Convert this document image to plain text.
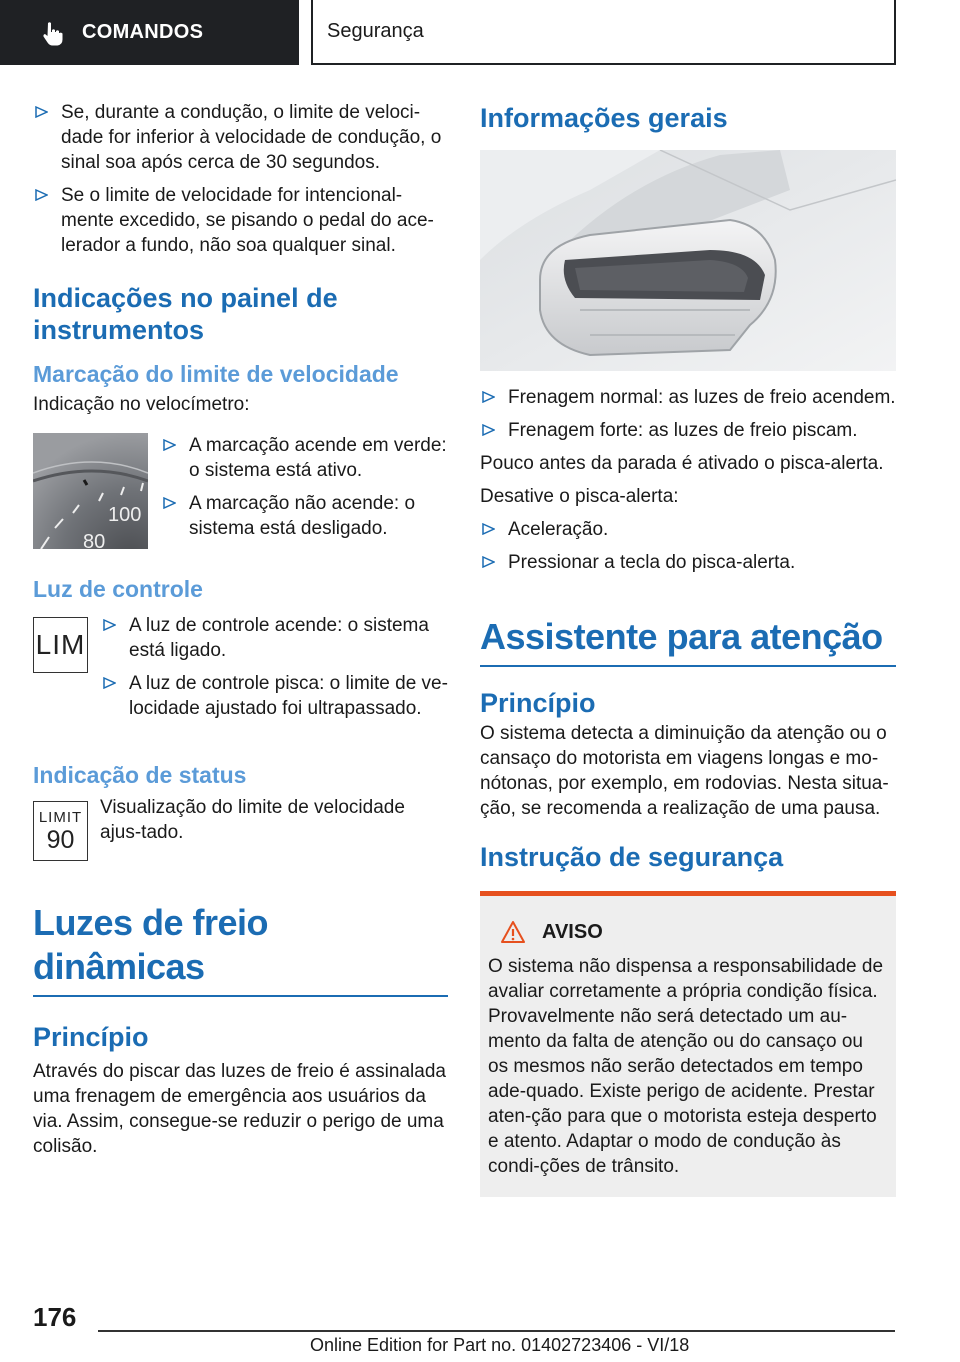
COMANDOS	Segurança
Se, durante a condução, o limite de veloci‐dade for inferior à velocidade de condução, o sinal soa após cerca de 30 segundos.
Se o limite de velocidade for intencional‐mente excedido, se pisando o pedal do ace‐lerador a fundo, não soa qualquer sinal.
Indicações no painel de instrumentos
Marcação do limite de velocidade

Indicação no velocímetro:

100
80
A marcação acende em verde: o sistema está ativo.
A marcação não acende: o sistema está desligado.
Luz de controle
LIM
A luz de controle acende: o sistema está ligado.
A luz de controle pisca: o limite de ve‐locidade ajustado foi ultrapassado.
Indicação de status
LIMIT
90

Visualização do limite de velocidade ajus‐tado.

Luzes de freio dinâmicas
Princípio

Através do piscar das luzes de freio é assinalada uma frenagem de emergência aos usuários da via. Assim, consegue-se reduzir o perigo de uma colisão.

Informações gerais
Frenagem normal: as luzes de freio acendem.
Frenagem forte: as luzes de freio piscam.

Pouco antes da parada é ativado o pisca-alerta.

Desative o pisca-alerta:

Aceleração.
Pressionar a tecla do pisca-alerta.
Assistente para atenção
Princípio

O sistema detecta a diminuição da atenção ou o cansaço do motorista em viagens longas e mo‐nótonas, por exemplo, em rodovias. Nesta situa‐ção, se recomenda a realização de uma pausa.

Instrução de segurança
AVISO

O sistema não dispensa a responsabilidade de avaliar corretamente a própria condição física. Provavelmente não será detectado um au‐mento da falta de atenção ou do cansaço ou os mesmos não serão detectados em tempo ade‐quado. Existe perigo de acidente. Prestar aten‐ção para que o motorista esteja desperto e atento. Adaptar o modo de condução às condi‐ções de trânsito.

176
Online Edition for Part no. 01402723406 - VI/18
